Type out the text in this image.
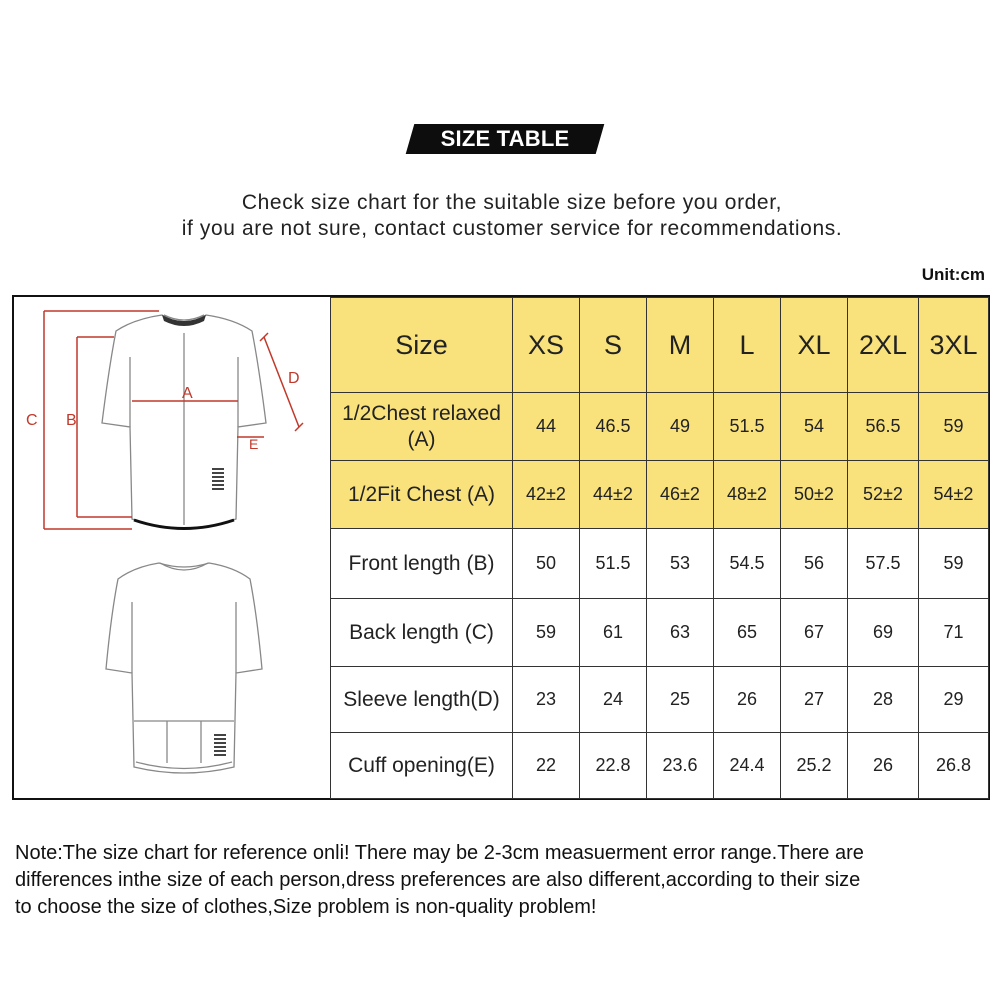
SIZE TABLE
Check size chart for the suitable size before you order,
if you are not sure, contact customer service for recommendations.
Unit:cm
C B
A
D
E
Size	XS	S	M	L	XL	2XL	3XL

1/2Chest relaxed
(A)	44	46.5	49	51.5	54	56.5	59
1/2Fit Chest (A)	42±2	44±2	46±2	48±2	50±2	52±2	54±2
Front length (B)	50	51.5	53	54.5	56	57.5	59
Back length (C)	59	61	63	65	67	69	71
Sleeve length(D)	23	24	25	26	27	28	29
Cuff opening(E)	22	22.8	23.6	24.4	25.2	26	26.8
Note:The size chart for reference onli! There may be 2-3cm measuerment error range.There are
differences inthe size of each person,dress preferences are also different,according to their size
to choose the size of clothes,Size problem is non-quality problem!
